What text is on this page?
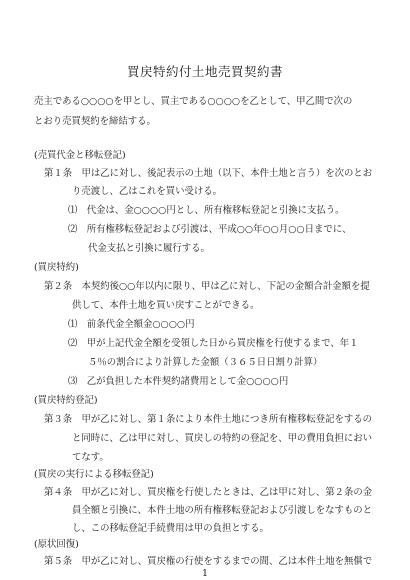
買戻特約付土地売買契約書
売主である○○○○を甲とし、買主である○○○○を乙として、甲乙間で次の
とおり売買契約を締結する。
(売買代金と移転登記)
第１条　甲は乙に対し、後記表示の土地（以下、本件土地と言う）を次のとお
り売渡し、乙はこれを買い受ける。
⑴　代金は、金○○○○円とし、所有権移転登記と引換に支払う。
⑵　所有権移転登記および引渡は、平成○○年○○月○○日までに、
代金支払と引換に履行する。
(買戻特約)
第２条　本契約後○○年以内に限り、甲は乙に対し、下記の金額合計金額を提
供して、本件土地を買い戻すことができる。
⑴　前条代金全額金○○○○円
⑵　甲が上記代金全額を受領した日から買戻権を行使するまで、年１
５％の割合により計算した金額（３６５日日割り計算）
⑶　乙が負担した本件契約諸費用として金○○○○円
(買戻特約登記)
第３条　甲が乙に対し、第１条により本件土地につき所有権移転登記をするの
と同時に、乙は甲に対し、買戻しの特約の登記を、甲の費用負担におい
てなす。
(買戻の実行による移転登記)
第４条　甲が乙に対し、買戻権を行使したときは、乙は甲に対し、第２条の金
員全額と引換に、本件土地の所有権移転登記および引渡しをなすものと
し、この移転登記手続費用は甲の負担とする。
(原状回復)
第５条　甲が乙に対し、買戻権の行使をするまでの間、乙は本件土地を無償で
1
